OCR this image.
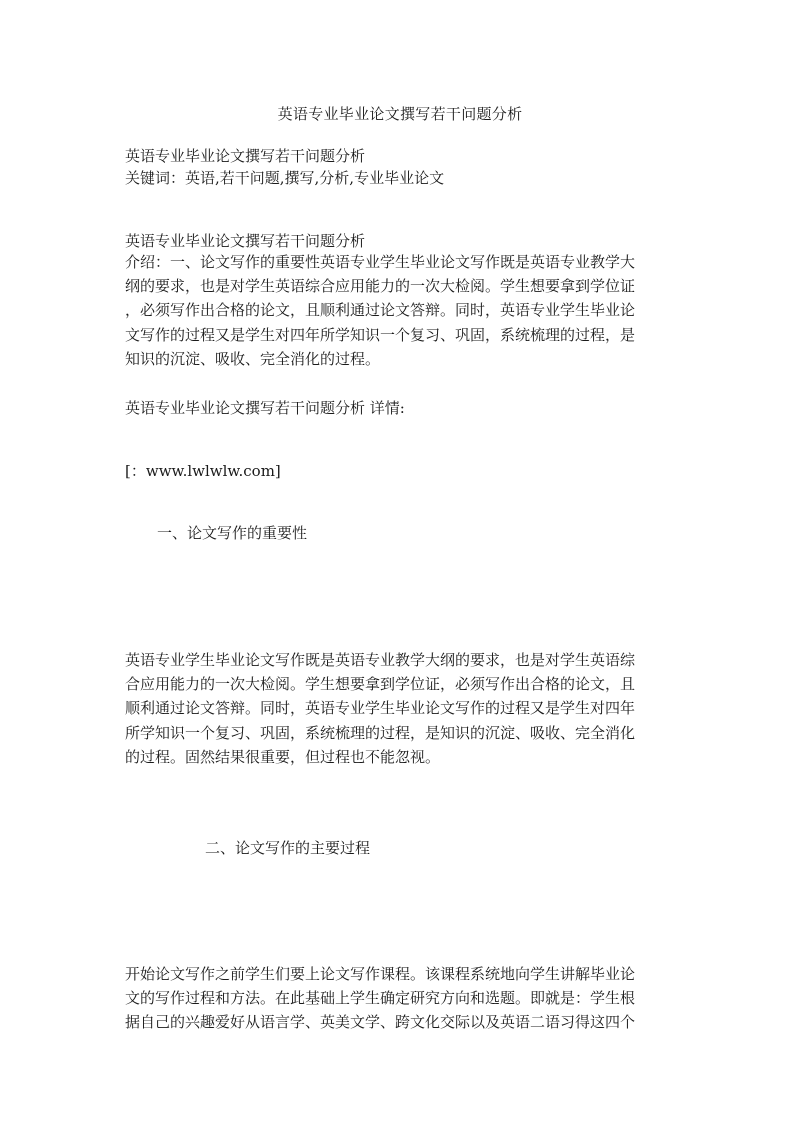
英语专业毕业论文撰写若干问题分析
英语专业毕业论文撰写若干问题分析
关键词：英语,若干问题,撰写,分析,专业毕业论文
英语专业毕业论文撰写若干问题分析
介绍：一、论文写作的重要性英语专业学生毕业论文写作既是英语专业教学大
纲的要求，也是对学生英语综合应用能力的一次大检阅。学生想要拿到学位证
，必须写作出合格的论文，且顺利通过论文答辩。同时，英语专业学生毕业论
文写作的过程又是学生对四年所学知识一个复习、巩固，系统梳理的过程，是
知识的沉淀、吸收、完全消化的过程。
英语专业毕业论文撰写若干问题分析 详情:
[：www.lwlwlw.com]
一、论文写作的重要性
英语专业学生毕业论文写作既是英语专业教学大纲的要求，也是对学生英语综
合应用能力的一次大检阅。学生想要拿到学位证，必须写作出合格的论文，且
顺利通过论文答辩。同时，英语专业学生毕业论文写作的过程又是学生对四年
所学知识一个复习、巩固，系统梳理的过程，是知识的沉淀、吸收、完全消化
的过程。固然结果很重要，但过程也不能忽视。
二、论文写作的主要过程
开始论文写作之前学生们要上论文写作课程。该课程系统地向学生讲解毕业论
文的写作过程和方法。在此基础上学生确定研究方向和选题。即就是：学生根
据自己的兴趣爱好从语言学、英美文学、跨文化交际以及英语二语习得这四个
